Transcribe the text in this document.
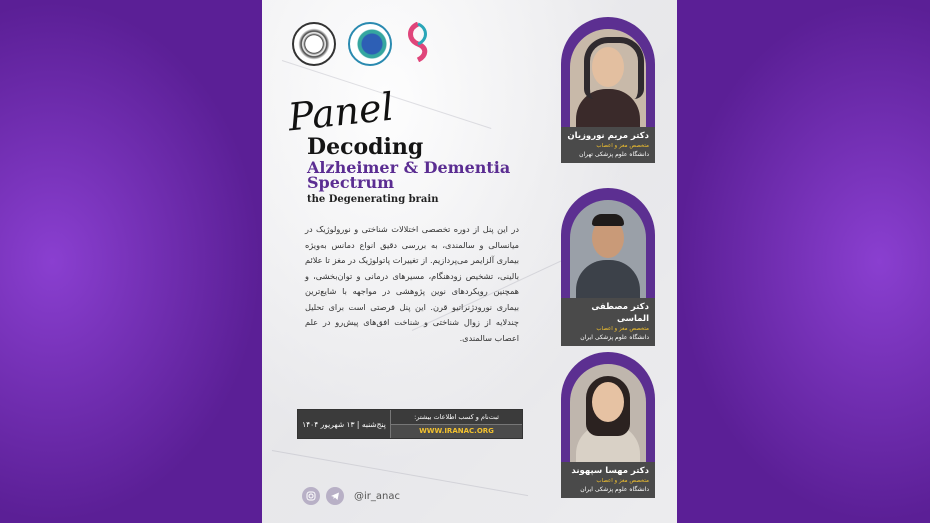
Panel
Decoding
Alzheimer & Dementia Spectrum
the Degenerating brain
در این پنل از دوره تخصصی اختلالات شناختی و نورولوژیک در میانسالی و سالمندی، به بررسی دقیق انواع دمانس به‌ویژه بیماری آلزایمر می‌پردازیم. از تغییرات پاتولوژیک در مغز تا علائم بالینی، تشخیص زودهنگام، مسیرهای درمانی و توان‌بخشی، و همچنین رویکردهای نوین پژوهشی در مواجهه با شایع‌ترین بیماری نورودژنراتیو قرن. این پنل فرصتی است برای تحلیل چندلایه از زوال شناختی و شناخت افق‌های پیش‌رو در علم اعصاب سالمندی.
پنج‌شنبه | ۱۳ شهریور ۱۴۰۴
ثبت‌نام و کسب اطلاعات بیشتر:
WWW.IRANAC.ORG
@ir_anac
دکتر مریم نوروزیان
متخصص مغز و اعصاب
دانشگاه علوم پزشکی تهران
دکتر مصطفی الماسی
متخصص مغز و اعصاب
دانشگاه علوم پزشکی ایران
دکتر مهسا سپهوند
متخصص مغز و اعصاب
دانشگاه علوم پزشکی ایران
